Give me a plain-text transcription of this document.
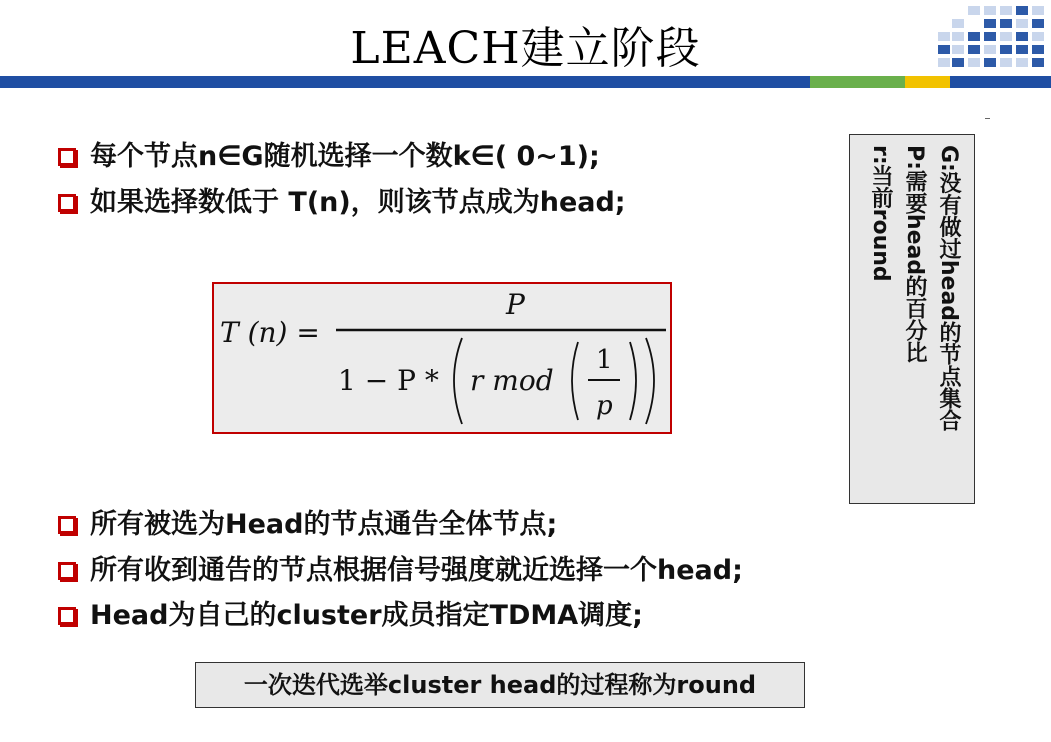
LEACH建立阶段
每个节点n∈G随机选择一个数k∈( 0~1);
如果选择数低于 T(n)，则该节点成为head;
T (n) =
P
1 − P * r mod
1
p	G:没有做过head的节点集合
P:需要head的百分比
r:当前round
所有被选为Head的节点通告全体节点;
所有收到通告的节点根据信号强度就近选择一个head;
Head为自己的cluster成员指定TDMA调度;
一次迭代选举cluster head的过程称为round
